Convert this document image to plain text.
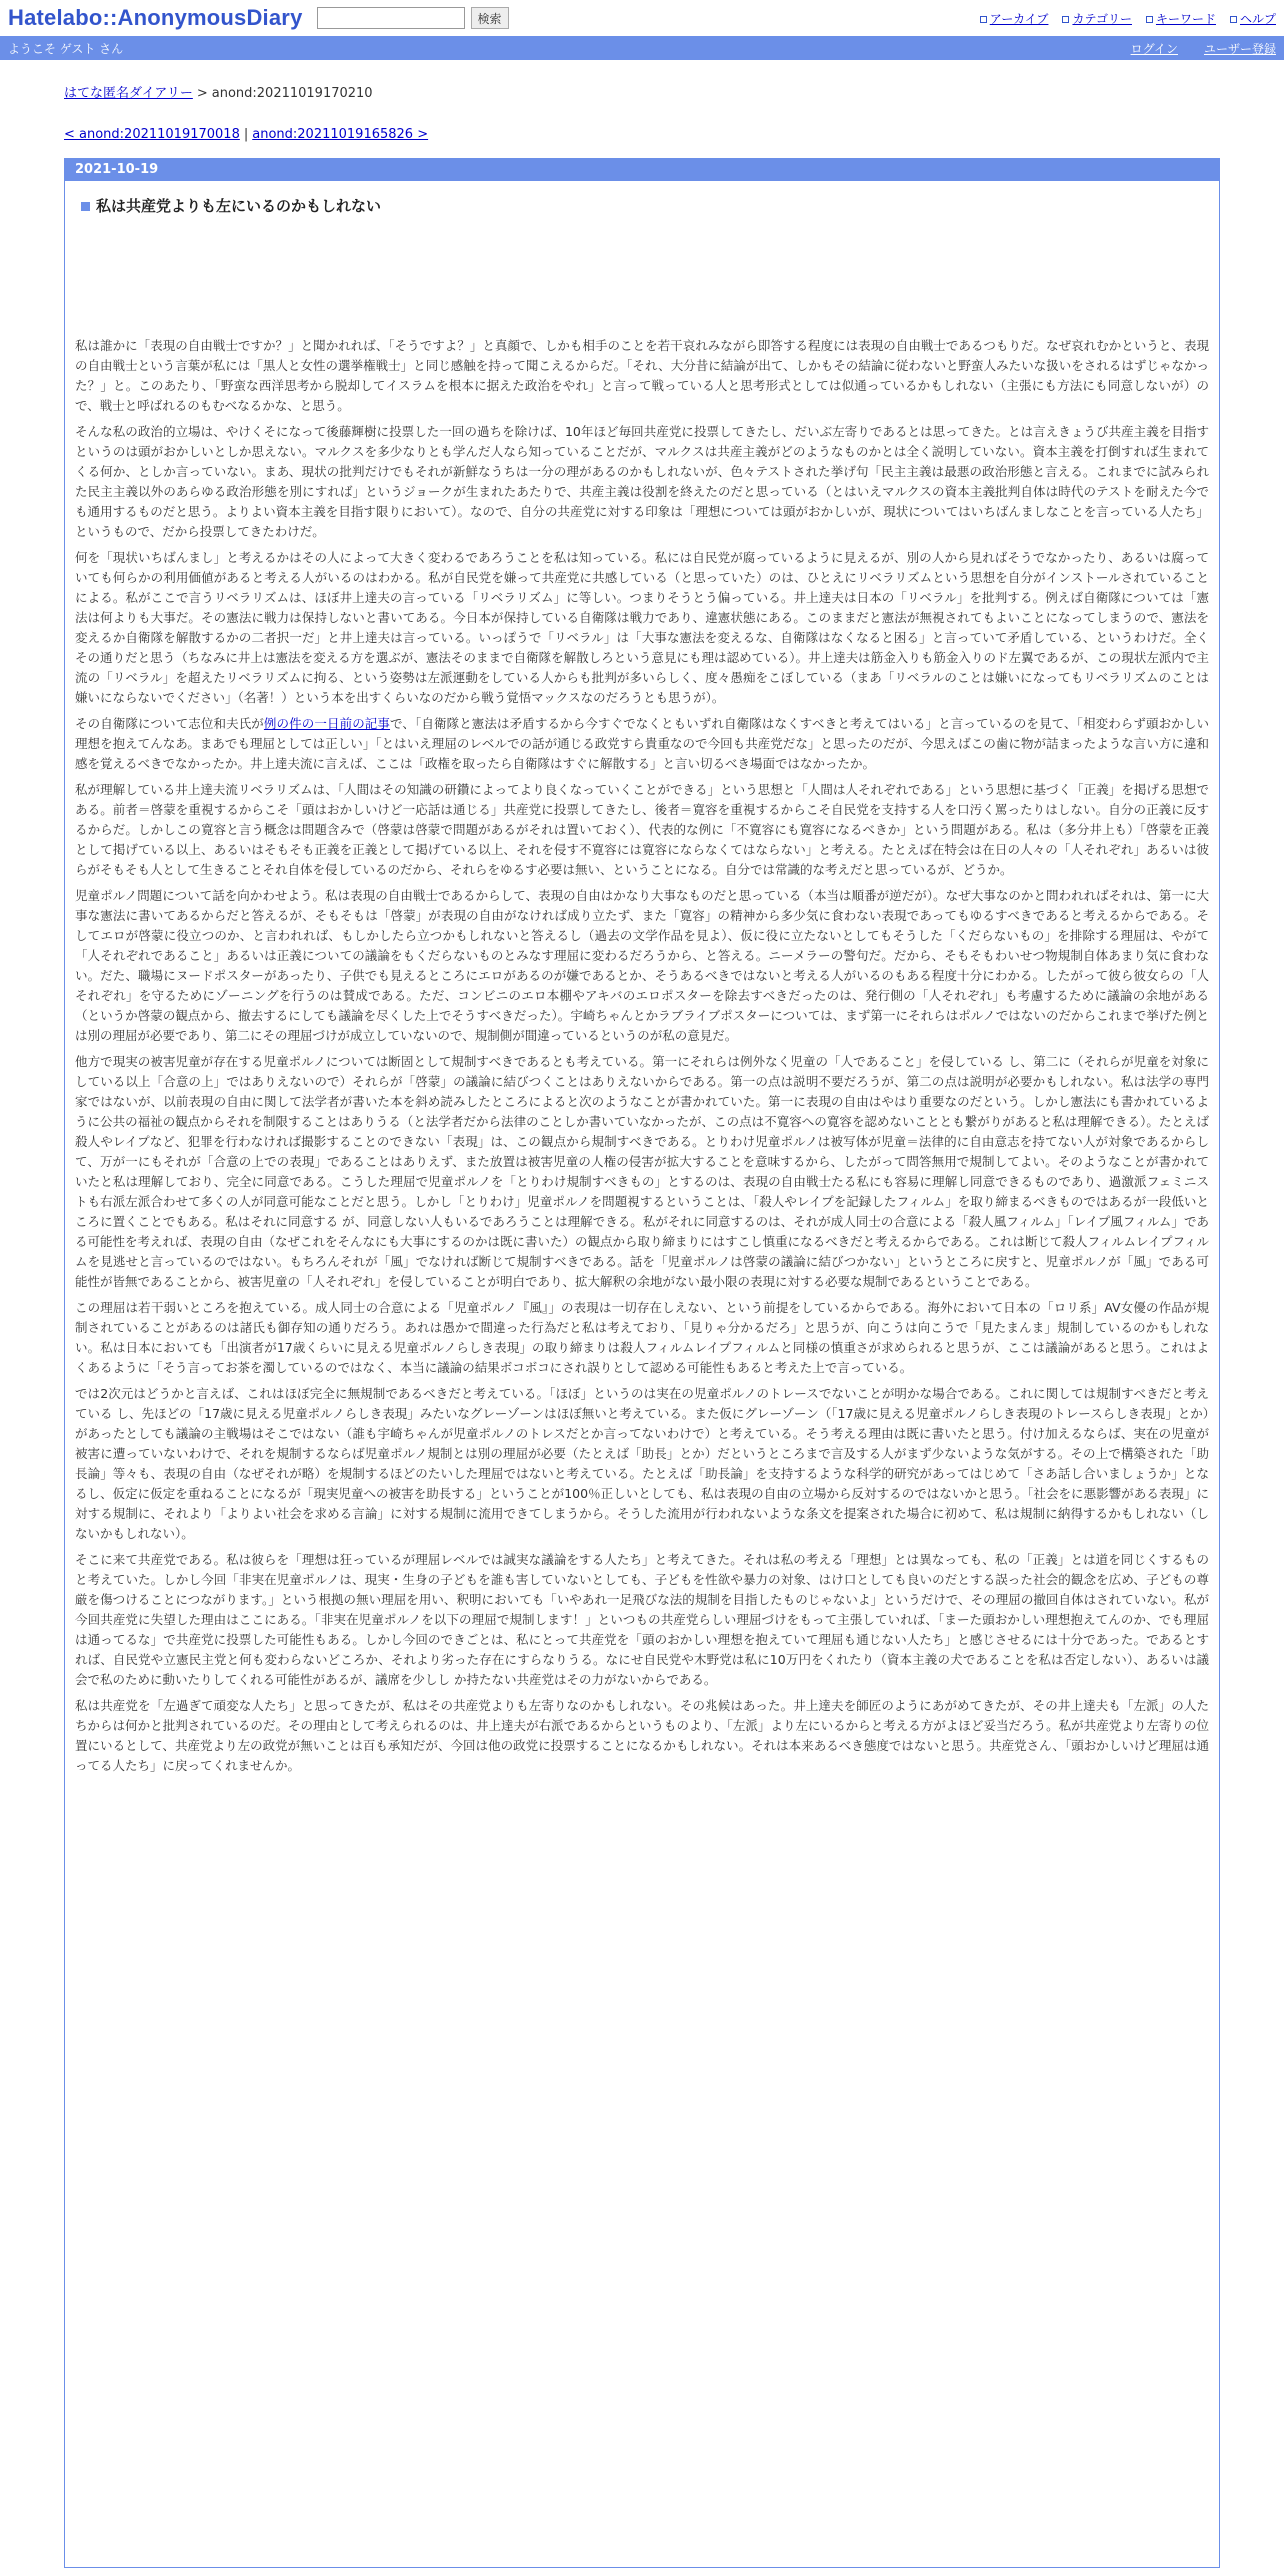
Hatelabo::AnonymousDiary	検索	アーカイブ	カテゴリー	キーワード	ヘルプ
ようこそ ゲスト さん	ログイン ユーザー登録
はてな匿名ダイアリー > anond:20211019170210
< anond:20211019170018 | anond:20211019165826 >
2021-10-19
私は共産党よりも左にいるのかもしれない

私は誰かに「表現の自由戦士ですか？」と聞かれれば、「そうですよ？」と真顔で、しかも相手のことを若干哀れみながら即答する程度には表現の自由戦士であるつもりだ。なぜ哀れむかというと、表現の自由戦士という言葉が私には「黒人と女性の選挙権戦士」と同じ感触を持って聞こえるからだ。「それ、大分昔に結論が出て、しかもその結論に従わないと野蛮人みたいな扱いをされるはずじゃなかった？」と。このあたり、「野蛮な西洋思考から脱却してイスラムを根本に据えた政治をやれ」と言って戦っている人と思考形式としては似通っているかもしれない（主張にも方法にも同意しないが）ので、戦士と呼ばれるのもむべなるかな、と思う。

そんな私の政治的立場は、やけくそになって後藤輝樹に投票した一回の過ちを除けば、10年ほど毎回共産党に投票してきたし、だいぶ左寄りであるとは思ってきた。とは言えきょうび共産主義を目指すというのは頭がおかしいとしか思えない。マルクスを多少なりとも学んだ人なら知っていることだが、マルクスは共産主義がどのようなものかとは全く説明していない。資本主義を打倒すれば生まれてくる何か、としか言っていない。まあ、現状の批判だけでもそれが新鮮なうちは一分の理があるのかもしれないが、色々テストされた挙げ句「民主主義は最悪の政治形態と言える。これまでに試みられた民主主義以外のあらゆる政治形態を別にすれば」というジョークが生まれたあたりで、共産主義は役割を終えたのだと思っている（とはいえマルクスの資本主義批判自体は時代のテストを耐えた今でも通用するものだと思う。よりよい資本主義を目指す限りにおいて）。なので、自分の共産党に対する印象は「理想については頭がおかしいが、現状についてはいちばんましなことを言っている人たち」というもので、だから投票してきたわけだ。

何を「現状いちばんまし」と考えるかはその人によって大きく変わるであろうことを私は知っている。私には自民党が腐っているように見えるが、別の人から見ればそうでなかったり、あるいは腐っていても何らかの利用価値があると考える人がいるのはわかる。私が自民党を嫌って共産党に共感している（と思っていた）のは、ひとえにリベラリズムという思想を自分がインストールされていることによる。私がここで言うリベラリズムは、ほぼ井上達夫の言っている「リベラリズム」に等しい。つまりそうとう偏っている。井上達夫は日本の「リベラル」を批判する。例えば自衛隊については「憲法は何よりも大事だ。その憲法に戦力は保持しないと書いてある。今日本が保持している自衛隊は戦力であり、違憲状態にある。このままだと憲法が無視されてもよいことになってしまうので、憲法を変えるか自衛隊を解散するかの二者択一だ」と井上達夫は言っている。いっぽうで「リベラル」は「大事な憲法を変えるな、自衛隊はなくなると困る」と言っていて矛盾している、というわけだ。全くその通りだと思う（ちなみに井上は憲法を変える方を選ぶが、憲法そのままで自衛隊を解散しろという意見にも理は認めている）。井上達夫は筋金入りも筋金入りのド左翼であるが、この現状左派内で主流の「リベラル」を超えたリベラリズムに拘る、という姿勢は左派運動をしている人からも批判が多いらしく、度々愚痴をこぼしている（まあ「リベラルのことは嫌いになってもリベラリズムのことは嫌いにならないでください」（名著！）という本を出すくらいなのだから戦う覚悟マックスなのだろうとも思うが）。

その自衛隊について志位和夫氏が例の件の一日前の記事で、「自衛隊と憲法は矛盾するから今すぐでなくともいずれ自衛隊はなくすべきと考えてはいる」と言っているのを見て、「相変わらず頭おかしい理想を抱えてんなあ。まあでも理屈としては正しい」「とはいえ理屈のレベルでの話が通じる政党すら貴重なので今回も共産党だな」と思ったのだが、今思えばこの歯に物が詰まったような言い方に違和感を覚えるべきでなかったか。井上達夫流に言えば、ここは「政権を取ったら自衛隊はすぐに解散する」と言い切るべき場面ではなかったか。

私が理解している井上達夫流リベラリズムは、「人間はその知識の研鑽によってより良くなっていくことができる」という思想と「人間は人それぞれである」という思想に基づく「正義」を掲げる思想である。前者＝啓蒙を重視するからこそ「頭はおかしいけど一応話は通じる」共産党に投票してきたし、後者＝寛容を重視するからこそ自民党を支持する人を口汚く罵ったりはしない。自分の正義に反するからだ。しかしこの寛容と言う概念は問題含みで（啓蒙は啓蒙で問題があるがそれは置いておく）、代表的な例に「不寛容にも寛容になるべきか」という問題がある。私は（多分井上も）「啓蒙を正義として掲げている以上、あるいはそもそも正義を正義として掲げている以上、それを侵す不寛容には寛容にならなくてはならない」と考える。たとえば在特会は在日の人々の「人それぞれ」あるいは彼らがそもそも人として生きることそれ自体を侵しているのだから、それらをゆるす必要は無い、ということになる。自分では常識的な考えだと思っているが、どうか。

児童ポルノ問題について話を向かわせよう。私は表現の自由戦士であるからして、表現の自由はかなり大事なものだと思っている（本当は順番が逆だが）。なぜ大事なのかと問われればそれは、第一に大事な憲法に書いてあるからだと答えるが、そもそもは「啓蒙」が表現の自由がなければ成り立たず、また「寛容」の精神から多少気に食わない表現であってもゆるすべきであると考えるからである。そしてエロが啓蒙に役立つのか、と言われれば、もしかしたら立つかもしれないと答えるし（過去の文学作品を見よ）、仮に役に立たないとしてもそうした「くだらないもの」を排除する理屈は、やがて「人それぞれであること」あるいは正義についての議論をもくだらないものとみなす理屈に変わるだろうから、と答える。ニーメラーの警句だ。だから、そもそもわいせつ物規制自体あまり気に食わない。だた、職場にヌードポスターがあったり、子供でも見えるところにエロがあるのが嫌であるとか、そうあるべきではないと考える人がいるのもある程度十分にわかる。したがって彼ら彼女らの「人それぞれ」を守るためにゾーニングを行うのは賛成である。ただ、コンビニのエロ本棚やアキバのエロポスターを除去すべきだったのは、発行側の「人それぞれ」も考慮するために議論の余地がある（というか啓蒙の観点から、撤去するにしても議論を尽くした上でそうすべきだった）。宇崎ちゃんとかラブライブポスターについては、まず第一にそれらはポルノではないのだからこれまで挙げた例とは別の理屈が必要であり、第二にその理屈づけが成立していないので、規制側が間違っているというのが私の意見だ。

他方で現実の被害児童が存在する児童ポルノについては断固として規制すべきであるとも考えている。第一にそれらは例外なく児童の「人であること」を侵している し、第二に（それらが児童を対象にしている以上「合意の上」ではありえないので）それらが「啓蒙」の議論に結びつくことはありえないからである。第一の点は説明不要だろうが、第二の点は説明が必要かもしれない。私は法学の専門家ではないが、以前表現の自由に関して法学者が書いた本を斜め読みしたところによると次のようなことが書かれていた。第一に表現の自由はやはり重要なのだという。しかし憲法にも書かれているように公共の福祉の観点からそれを制限することはありうる（と法学者だから法律のことしか書いていなかったが、この点は不寛容への寛容を認めないこととも繋がりがあると私は理解できる）。たとえば殺人やレイプなど、犯罪を行わなければ撮影することのできない「表現」は、この観点から規制すべきである。とりわけ児童ポルノは被写体が児童＝法律的に自由意志を持てない人が対象であるからして、万が一にもそれが「合意の上での表現」であることはありえず、また放置は被害児童の人権の侵害が拡大することを意味するから、したがって問答無用で規制してよい。そのようなことが書かれていたと私は理解しており、完全に同意である。こうした理屈で児童ポルノを「とりわけ規制すべきもの」とするのは、表現の自由戦士たる私にも容易に理解し同意できるものであり、過激派フェミニストも右派左派合わせて多くの人が同意可能なことだと思う。しかし「とりわけ」児童ポルノを問題視するということは、「殺人やレイプを記録したフィルム」を取り締まるべきものではあるが一段低いところに置くことでもある。私はそれに同意する が、同意しない人もいるであろうことは理解できる。私がそれに同意するのは、それが成人同士の合意による「殺人風フィルム」「レイプ風フィルム」である可能性を考えれば、表現の自由（なぜこれをそんなにも大事にするのかは既に書いた）の観点から取り締まりにはすこし慎重になるべきだと考えるからである。これは断じて殺人フィルムレイプフィルムを見逃せと言っているのではない。もちろんそれが「風」でなければ断じて規制すべきである。話を「児童ポルノは啓蒙の議論に結びつかない」というところに戻すと、児童ポルノが「風」である可能性が皆無であることから、被害児童の「人それぞれ」を侵していることが明白であり、拡大解釈の余地がない最小限の表現に対する必要な規制であるということである。

この理屈は若干弱いところを抱えている。成人同士の合意による「児童ポルノ『風』」の表現は一切存在しえない、という前提をしているからである。海外において日本の「ロリ系」AV女優の作品が規制されていることがあるのは諸氏も御存知の通りだろう。あれは愚かで間違った行為だと私は考えており、「見りゃ分かるだろ」と思うが、向こうは向こうで「見たまんま」規制しているのかもしれない。私は日本においても「出演者が17歳くらいに見える児童ポルノらしき表現」の取り締まりは殺人フィルムレイプフィルムと同様の慎重さが求められると思うが、ここは議論があると思う。これはよくあるように「そう言ってお茶を濁しているのではなく、本当に議論の結果ボコボコにされ誤りとして認める可能性もあると考えた上で言っている。

では2次元はどうかと言えば、これはほぼ完全に無規制であるべきだと考えている。「ほぼ」というのは実在の児童ポルノのトレースでないことが明かな場合である。これに関しては規制すべきだと考えている し、先ほどの「17歳に見える児童ポルノらしき表現」みたいなグレーゾーンはほぼ無いと考えている。また仮にグレーゾーン（「17歳に見える児童ポルノらしき表現のトレースらしき表現」とか）があったとしても議論の主戦場はそこではない（誰も宇崎ちゃんが児童ポルノのトレスだとか言ってないわけで）と考えている。そう考える理由は既に書いたと思う。付け加えるならば、実在の児童が被害に遭っていないわけで、それを規制するならば児童ポルノ規制とは別の理屈が必要（たとえば「助長」とか）だというところまで言及する人がまず少ないような気がする。その上で構築された「助長論」等々も、表現の自由（なぜそれが略）を規制するほどのたいした理屈ではないと考えている。たとえば「助長論」を支持するような科学的研究があってはじめて「さあ話し合いましょうか」となるし、仮定に仮定を重ねることになるが「現実児童への被害を助長する」ということが100％正しいとしても、私は表現の自由の立場から反対するのではないかと思う。「社会をに悪影響がある表現」に対する規制に、それより「よりよい社会を求める言論」に対する規制に流用できてしまうから。そうした流用が行われないような条文を提案された場合に初めて、私は規制に納得するかもしれない（しないかもしれない）。

そこに来て共産党である。私は彼らを「理想は狂っているが理屈レベルでは誠実な議論をする人たち」と考えてきた。それは私の考える「理想」とは異なっても、私の「正義」とは道を同じくするものと考えていた。しかし今回「非実在児童ポルノは、現実・生身の子どもを誰も害していないとしても、子どもを性欲や暴力の対象、はけ口としても良いのだとする誤った社会的観念を広め、子どもの尊厳を傷つけることにつながります。」という根拠の無い理屈を用い、釈明においても「いやあれ一足飛びな法的規制を目指したものじゃないよ」というだけで、その理屈の撤回自体はされていない。私が今回共産党に失望した理由はここにある。「非実在児童ポルノを以下の理屈で規制します！」といつもの共産党らしい理屈づけをもって主張していれば、「まーた頭おかしい理想抱えてんのか、でも理屈は通ってるな」で共産党に投票した可能性もある。しかし今回のできごとは、私にとって共産党を「頭のおかしい理想を抱えていて理屈も通じない人たち」と感じさせるには十分であった。であるとすれば、自民党や立憲民主党と何も変わらないどころか、それより劣った存在にすらなりうる。なにせ自民党や木野党は私に10万円をくれたり（資本主義の犬であることを私は否定しない）、あるいは議会で私のために動いたりしてくれる可能性があるが、議席を少しし か持たない共産党はその力がないからである。

私は共産党を「左過ぎて頑変な人たち」と思ってきたが、私はその共産党よりも左寄りなのかもしれない。その兆候はあった。井上達夫を師匠のようにあがめてきたが、その井上達夫も「左派」の人たちからは何かと批判されているのだ。その理由として考えられるのは、井上達夫が右派であるからというものより、「左派」より左にいるからと考える方がよほど妥当だろう。私が共産党より左寄りの位置にいるとして、共産党より左の政党が無いことは百も承知だが、今回は他の政党に投票することになるかもしれない。それは本来あるべき態度ではないと思う。共産党さん、「頭おかしいけど理屈は通ってる人たち」に戻ってくれませんか。
